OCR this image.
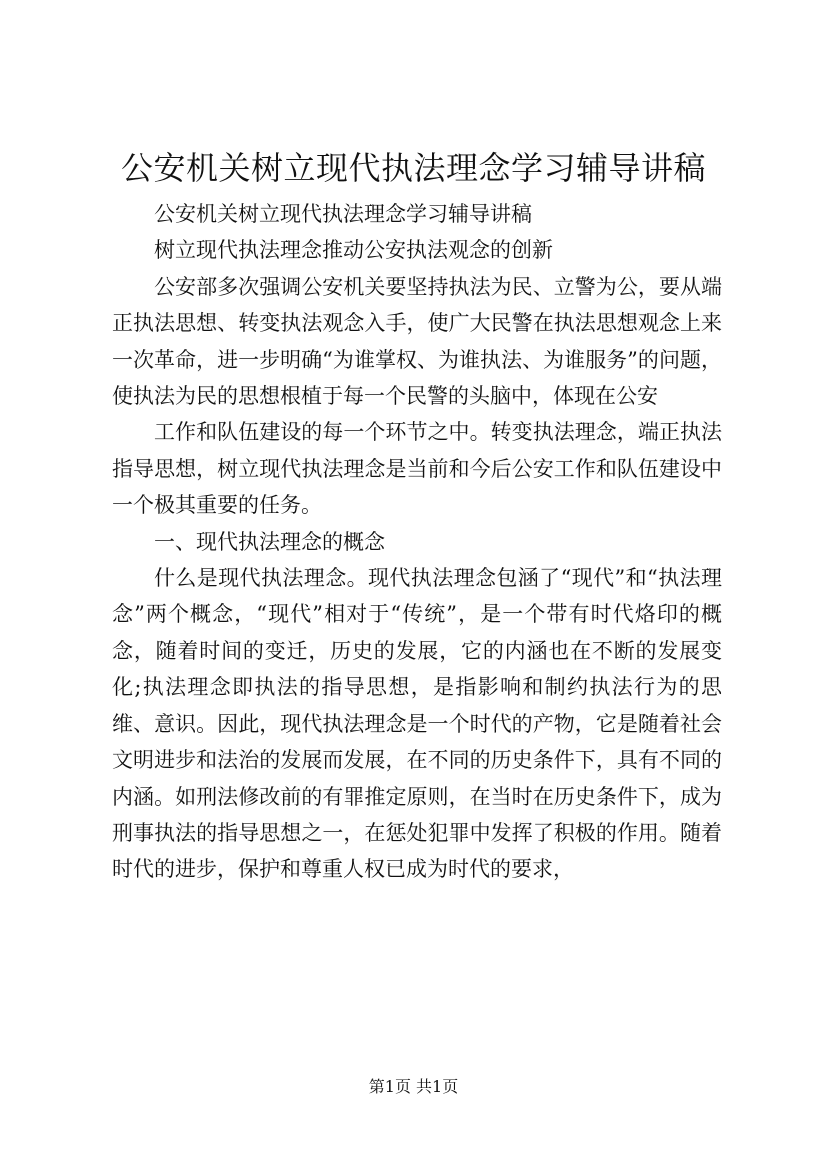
公安机关树立现代执法理念学习辅导讲稿

公安机关树立现代执法理念学习辅导讲稿

树立现代执法理念推动公安执法观念的创新

公安部多次强调公安机关要坚持执法为民、立警为公，要从端正执法思想、转变执法观念入手，使广大民警在执法思想观念上来一次革命，进一步明确“为谁掌权、为谁执法、为谁服务”的问题，使执法为民的思想根植于每一个民警的头脑中，体现在公安

工作和队伍建设的每一个环节之中。转变执法理念，端正执法指导思想，树立现代执法理念是当前和今后公安工作和队伍建设中一个极其重要的任务。

一、现代执法理念的概念

什么是现代执法理念。现代执法理念包涵了“现代”和“执法理念”两个概念，“现代”相对于“传统”，是一个带有时代烙印的概念，随着时间的变迁，历史的发展，它的内涵也在不断的发展变化;执法理念即执法的指导思想，是指影响和制约执法行为的思维、意识。因此，现代执法理念是一个时代的产物，它是随着社会文明进步和法治的发展而发展，在不同的历史条件下，具有不同的内涵。如刑法修改前的有罪推定原则，在当时在历史条件下，成为刑事执法的指导思想之一，在惩处犯罪中发挥了积极的作用。随着时代的进步，保护和尊重人权已成为时代的要求，

第1页 共1页
